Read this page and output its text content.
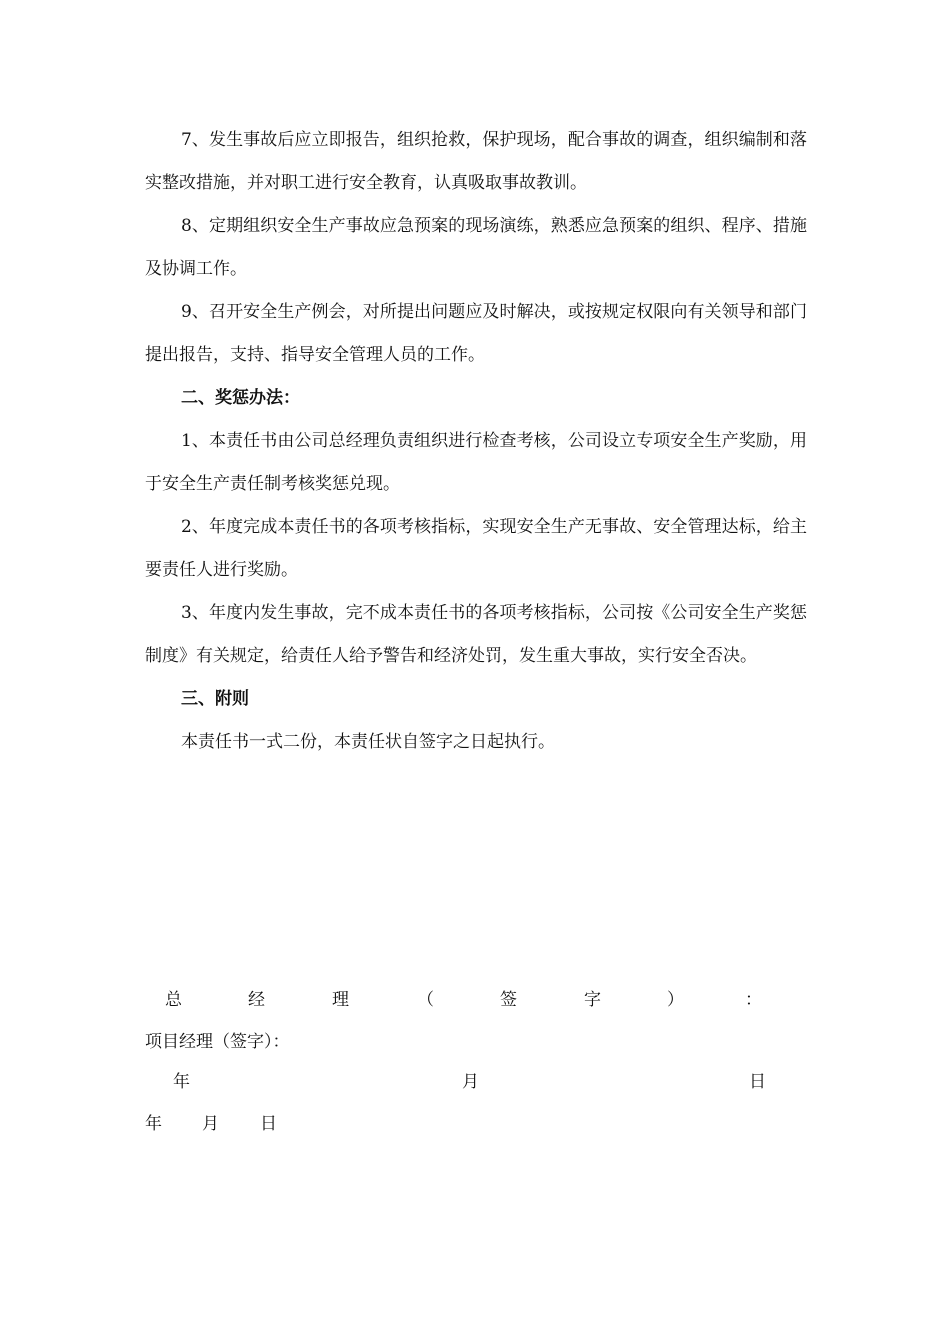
7、发生事故后应立即报告，组织抢救，保护现场，配合事故的调查，组织编制和落实整改措施，并对职工进行安全教育，认真吸取事故教训。

8、定期组织安全生产事故应急预案的现场演练，熟悉应急预案的组织、程序、措施及协调工作。

9、召开安全生产例会，对所提出问题应及时解决，或按规定权限向有关领导和部门提出报告，支持、指导安全管理人员的工作。

二、奖惩办法：

1、本责任书由公司总经理负责组织进行检查考核，公司设立专项安全生产奖励，用于安全生产责任制考核奖惩兑现。

2、年度完成本责任书的各项考核指标，实现安全生产无事故、安全管理达标，给主要责任人进行奖励。

3、年度内发生事故，完不成本责任书的各项考核指标，公司按《公司安全生产奖惩制度》有关规定，给责任人给予警告和经济处罚，发生重大事故，实行安全否决。

三、附则

本责任书一式二份，本责任状自签字之日起执行。

总	经	理	（	签	字	）	：
项目经理（签字）：
年	月	日
年 月 日
